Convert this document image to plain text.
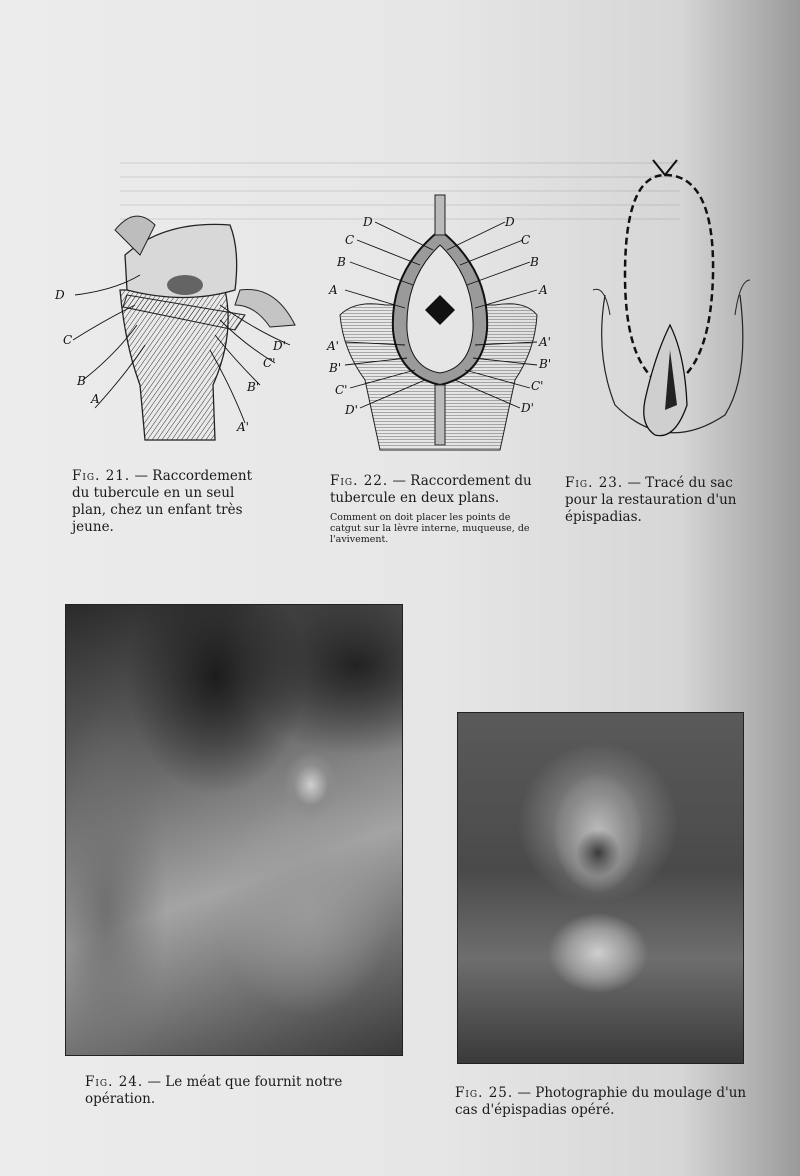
D
C
B
A
D'
C'
B'
A'
Fig. 21. — Raccordement du tubercule en un seul plan, chez un enfant très jeune.
D
C
B
A
A'
B'
C'
D'
D
C
B
A
A'
B'
C'
D'
Fig. 22. — Raccordement du tubercule en deux plans.
Comment on doit placer les points de catgut sur la lèvre interne, muqueuse, de l'avivement.
Fig. 23. — Tracé du sac pour la restauration d'un épispadias.
Fig. 24. — Le méat que fournit notre opération.	Fig. 25. — Photographie du moulage d'un cas d'épispadias opéré.
